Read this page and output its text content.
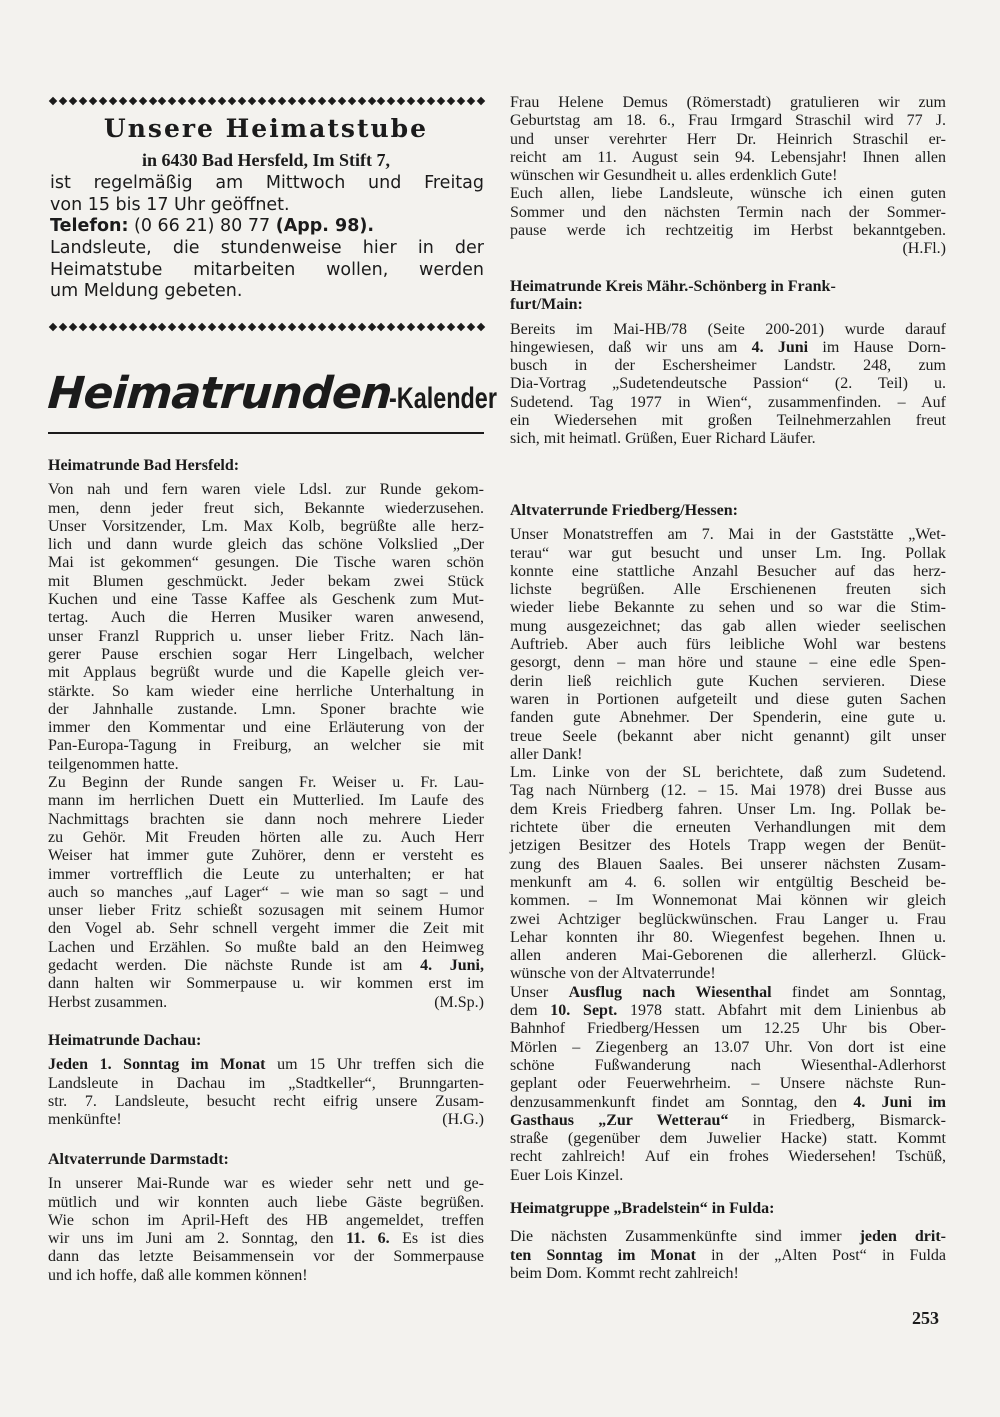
Unsere Heimatstube
in 6430 Bad Hersfeld, Im Stift 7,
ist regelmäßig am Mittwoch und Freitag
von 15 bis 17 Uhr geöffnet.
Telefon: (0 66 21) 80 77 (App. 98).
Landsleute, die stundenweise hier in der
Heimatstube mitarbeiten wollen, werden
um Meldung gebeten.
Heimatrunden-Kalender
Heimatrunde Bad Hersfeld:
Von nah und fern waren viele Ldsl. zur Runde gekom-
men, denn jeder freut sich, Bekannte wiederzusehen.
Unser Vorsitzender, Lm. Max Kolb, begrüßte alle herz-
lich und dann wurde gleich das schöne Volkslied „Der
Mai ist gekommen“ gesungen. Die Tische waren schön
mit Blumen geschmückt. Jeder bekam zwei Stück
Kuchen und eine Tasse Kaffee als Geschenk zum Mut-
tertag. Auch die Herren Musiker waren anwesend,
unser Franzl Rupprich u. unser lieber Fritz. Nach län-
gerer Pause erschien sogar Herr Lingelbach, welcher
mit Applaus begrüßt wurde und die Kapelle gleich ver-
stärkte. So kam wieder eine herrliche Unterhaltung in
der Jahnhalle zustande. Lmn. Sponer brachte wie
immer den Kommentar und eine Erläuterung von der
Pan-Europa-Tagung in Freiburg, an welcher sie mit
teilgenommen hatte.
Zu Beginn der Runde sangen Fr. Weiser u. Fr. Lau-
mann im herrlichen Duett ein Mutterlied. Im Laufe des
Nachmittags brachten sie dann noch mehrere Lieder
zu Gehör. Mit Freuden hörten alle zu. Auch Herr
Weiser hat immer gute Zuhörer, denn er versteht es
immer vortrefflich die Leute zu unterhalten; er hat
auch so manches „auf Lager“ – wie man so sagt – und
unser lieber Fritz schießt sozusagen mit seinem Humor
den Vogel ab. Sehr schnell vergeht immer die Zeit mit
Lachen und Erzählen. So mußte bald an den Heimweg
gedacht werden. Die nächste Runde ist am 4. Juni,
dann halten wir Sommerpause u. wir kommen erst im
Herbst zusammen.	(M.Sp.)
Heimatrunde Dachau:
Jeden 1. Sonntag im Monat um 15 Uhr treffen sich die
Landsleute in Dachau im „Stadtkeller“, Brunngarten-
str. 7. Landsleute, besucht recht eifrig unsere Zusam-
menkünfte!	(H.G.)
Altvaterrunde Darmstadt:
In unserer Mai-Runde war es wieder sehr nett und ge-
mütlich und wir konnten auch liebe Gäste begrüßen.
Wie schon im April-Heft des HB angemeldet, treffen
wir uns im Juni am 2. Sonntag, den 11. 6. Es ist dies
dann das letzte Beisammensein vor der Sommerpause
und ich hoffe, daß alle kommen können!
Frau Helene Demus (Römerstadt) gratulieren wir zum
Geburtstag am 18. 6., Frau Irmgard Straschil wird 77 J.
und unser verehrter Herr Dr. Heinrich Straschil er-
reicht am 11. August sein 94. Lebensjahr! Ihnen allen
wünschen wir Gesundheit u. alles erdenklich Gute!
Euch allen, liebe Landsleute, wünsche ich einen guten
Sommer und den nächsten Termin nach der Sommer-
pause werde ich rechtzeitig im Herbst bekanntgeben.
(H.Fl.)
Heimatrunde Kreis Mähr.-Schönberg in Frank-
furt/Main:
Bereits im Mai-HB/78 (Seite 200-201) wurde darauf
hingewiesen, daß wir uns am 4. Juni im Hause Dorn-
busch in der Eschersheimer Landstr. 248, zum
Dia-Vortrag „Sudetendeutsche Passion“ (2. Teil) u.
Sudetend. Tag 1977 in Wien“, zusammenfinden. – Auf
ein Wiedersehen mit großen Teilnehmerzahlen freut
sich, mit heimatl. Grüßen, Euer Richard Läufer.
Altvaterrunde Friedberg/Hessen:
Unser Monatstreffen am 7. Mai in der Gaststätte „Wet-
terau“ war gut besucht und unser Lm. Ing. Pollak
konnte eine stattliche Anzahl Besucher auf das herz-
lichste begrüßen. Alle Erschienenen freuten sich
wieder liebe Bekannte zu sehen und so war die Stim-
mung ausgezeichnet; das gab allen wieder seelischen
Auftrieb. Aber auch fürs leibliche Wohl war bestens
gesorgt, denn – man höre und staune – eine edle Spen-
derin ließ reichlich gute Kuchen servieren. Diese
waren in Portionen aufgeteilt und diese guten Sachen
fanden gute Abnehmer. Der Spenderin, eine gute u.
treue Seele (bekannt aber nicht genannt) gilt unser
aller Dank!
Lm. Linke von der SL berichtete, daß zum Sudetend.
Tag nach Nürnberg (12. – 15. Mai 1978) drei Busse aus
dem Kreis Friedberg fahren. Unser Lm. Ing. Pollak be-
richtete über die erneuten Verhandlungen mit dem
jetzigen Besitzer des Hotels Trapp wegen der Benüt-
zung des Blauen Saales. Bei unserer nächsten Zusam-
menkunft am 4. 6. sollen wir entgültig Bescheid be-
kommen. – Im Wonnemonat Mai können wir gleich
zwei Achtziger beglückwünschen. Frau Langer u. Frau
Lehar konnten ihr 80. Wiegenfest begehen. Ihnen u.
allen anderen Mai-Geborenen die allerherzl. Glück-
wünsche von der Altvaterrunde!
Unser Ausflug nach Wiesenthal findet am Sonntag,
dem 10. Sept. 1978 statt. Abfahrt mit dem Linienbus ab
Bahnhof Friedberg/Hessen um 12.25 Uhr bis Ober-
Mörlen – Ziegenberg an 13.07 Uhr. Von dort ist eine
schöne Fußwanderung nach Wiesenthal-Adlerhorst
geplant oder Feuerwehrheim. – Unsere nächste Run-
denzusammenkunft findet am Sonntag, den 4. Juni im
Gasthaus „Zur Wetterau“ in Friedberg, Bismarck-
straße (gegenüber dem Juwelier Hacke) statt. Kommt
recht zahlreich! Auf ein frohes Wiedersehen! Tschüß,
Euer Lois Kinzel.
Heimatgruppe „Bradelstein“ in Fulda:
Die nächsten Zusammenkünfte sind immer jeden drit-
ten Sonntag im Monat in der „Alten Post“ in Fulda
beim Dom. Kommt recht zahlreich!
253
